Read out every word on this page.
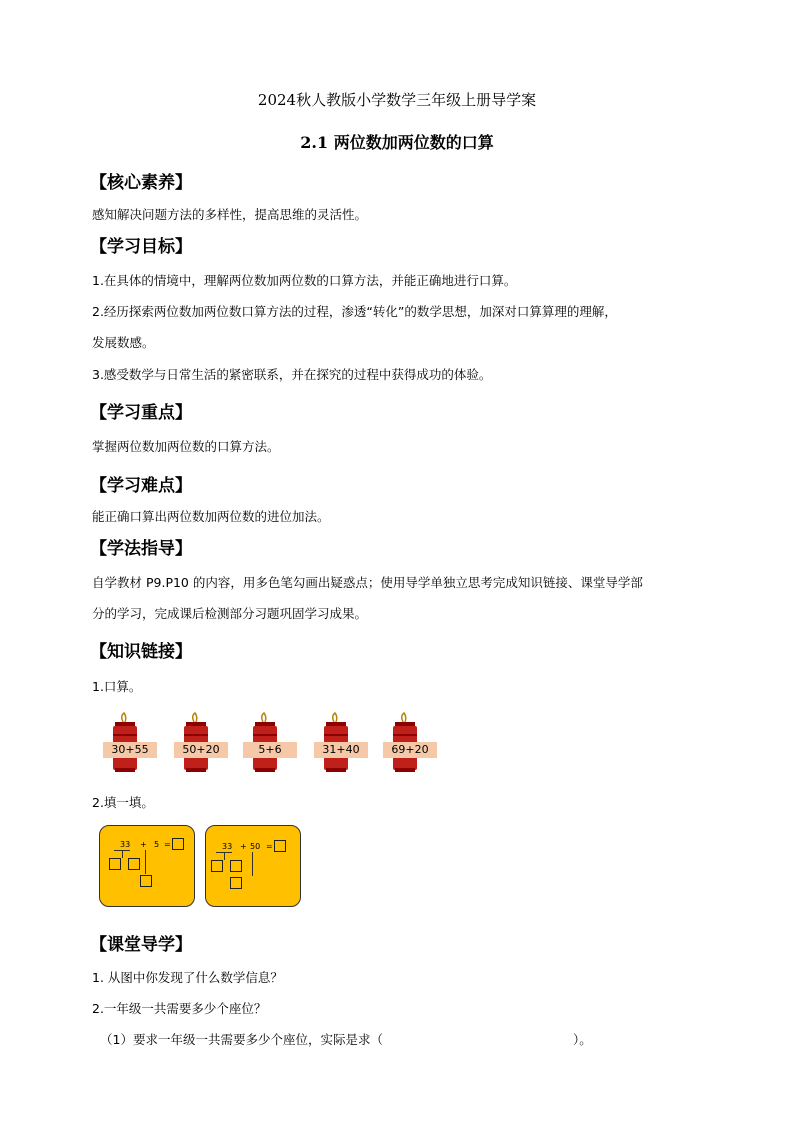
2024秋人教版小学数学三年级上册导学案
2.1 两位数加两位数的口算
【核心素养】
感知解决问题方法的多样性，提高思维的灵活性。
【学习目标】
1.在具体的情境中，理解两位数加两位数的口算方法，并能正确地进行口算。
2.经历探索两位数加两位数口算方法的过程，渗透“转化”的数学思想，加深对口算算理的理解，
发展数感。
3.感受数学与日常生活的紧密联系，并在探究的过程中获得成功的体验。
【学习重点】
掌握两位数加两位数的口算方法。
【学习难点】
能正确口算出两位数加两位数的进位加法。
【学法指导】
自学教材 P9.P10 的内容，用多色笔勾画出疑惑点；使用导学单独立思考完成知识链接、课堂导学部
分的学习，完成课后检测部分习题巩固学习成果。
【知识链接】
1.口算。
30+55	50+20	5+6	31+40	69+20
2.填一填。
33 + 5 =	33 + 50 =
【课堂导学】
1. 从图中你发现了什么数学信息？
2.一年级一共需要多少个座位？
（1）要求一年级一共需要多少个座位，实际是求（	）。
